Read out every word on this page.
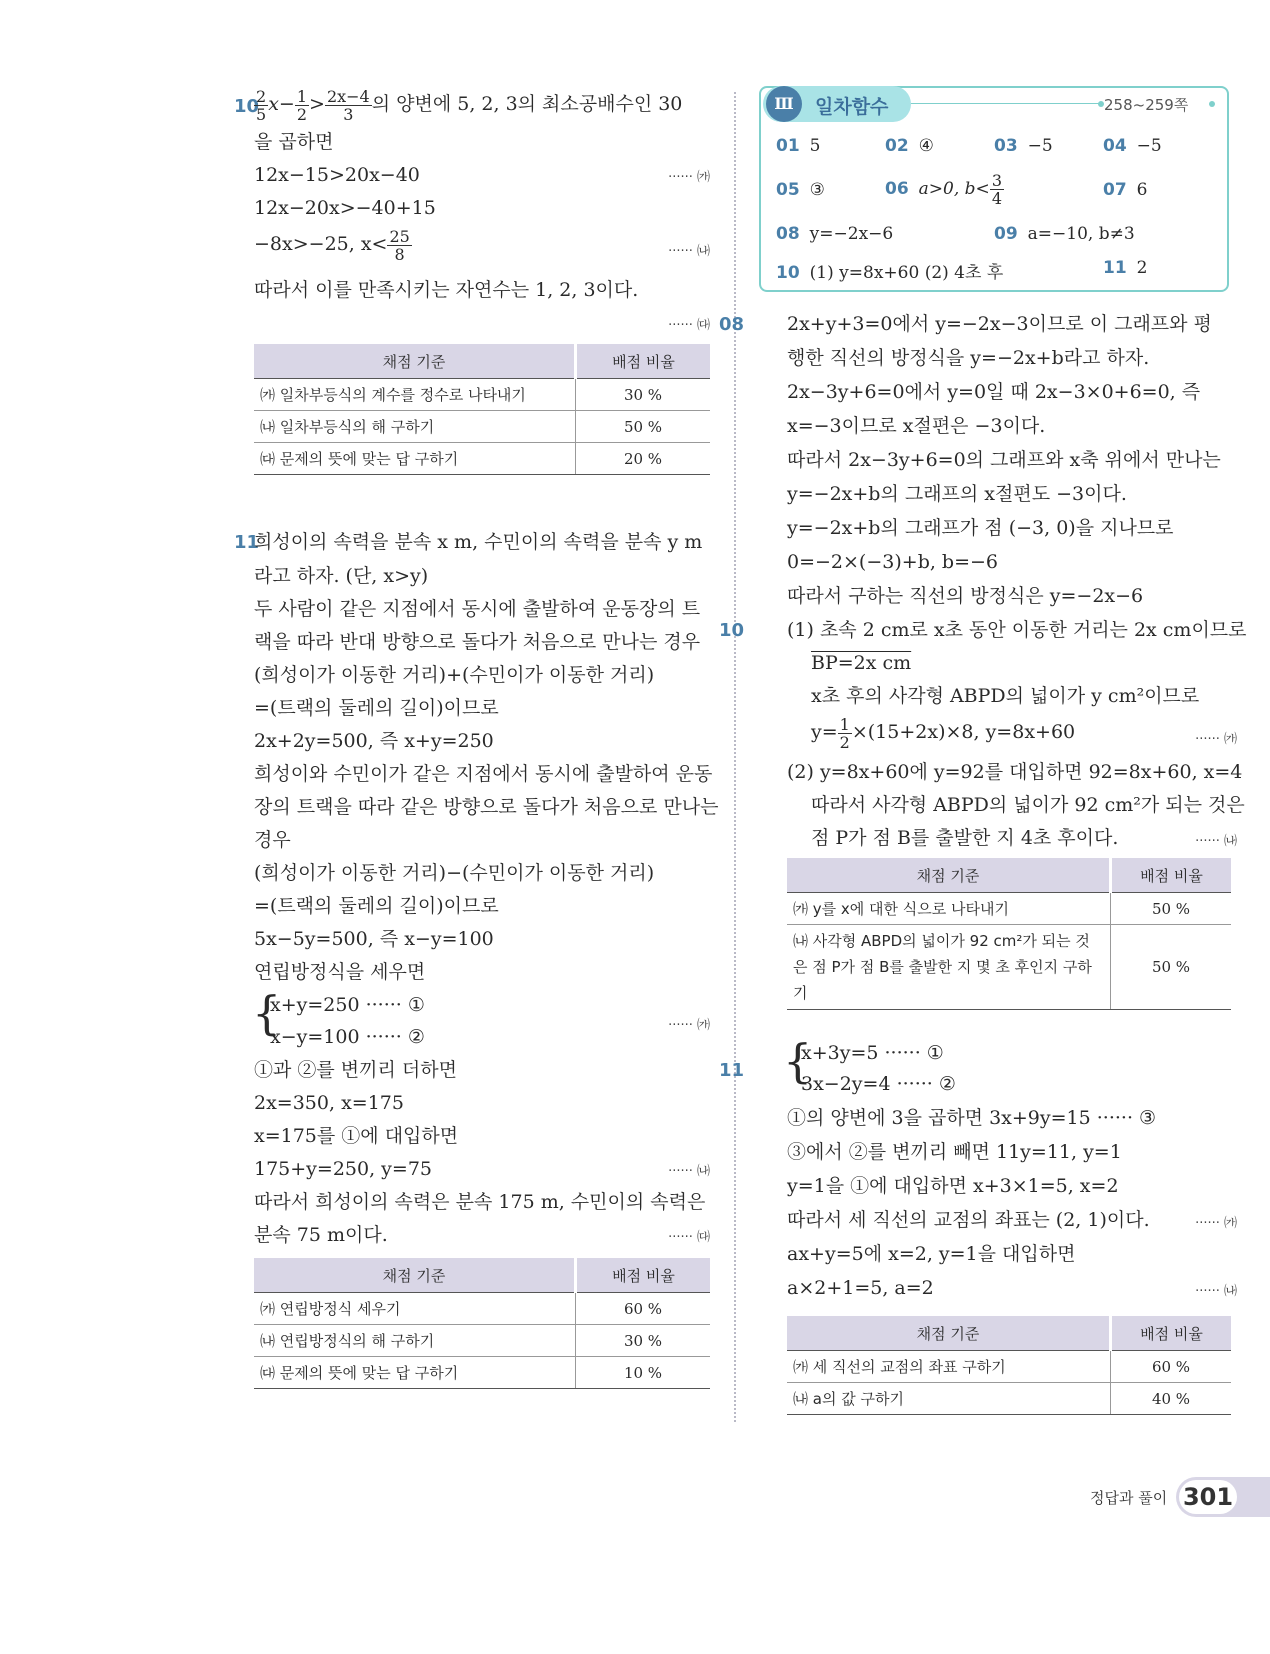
10
$\frac{2}{5} x- \frac{1}{2} > \frac{2x-4}{3}$ 의 양변에 5, 2, 3의 최소공배수인 30
을 곱하면
12x−15>20x−40	······ ㈎
12x−20x>−40+15
−8x>−25, $x< \frac{25}{8}$	······ ㈏
따라서 이를 만족시키는 자연수는 1, 2, 3이다.
······ ㈐
채점 기준	배점 비율
㈎ 일차부등식의 계수를 정수로 나타내기	30 %
㈏ 일차부등식의 해 구하기	50 %
㈐ 문제의 뜻에 맞는 답 구하기	20 %
11
희성이의 속력을 분속 x m, 수민이의 속력을 분속 y m
라고 하자. (단, x>y)
두 사람이 같은 지점에서 동시에 출발하여 운동장의 트
랙을 따라 반대 방향으로 돌다가 처음으로 만나는 경우
(희성이가 이동한 거리)+(수민이가 이동한 거리)
=(트랙의 둘레의 길이)이므로
2x+2y=500, 즉 x+y=250
희성이와 수민이가 같은 지점에서 동시에 출발하여 운동
장의 트랙을 따라 같은 방향으로 돌다가 처음으로 만나는
경우
(희성이가 이동한 거리)−(수민이가 이동한 거리)
=(트랙의 둘레의 길이)이므로
5x−5y=500, 즉 x−y=100
연립방정식을 세우면
{
x+y=250 ······ ①
x−y=100 ······ ②
······ ㈎
①과 ②를 변끼리 더하면
2x=350, x=175
x=175를 ①에 대입하면
175+y=250, y=75	······ ㈏
따라서 희성이의 속력은 분속 175 m, 수민이의 속력은
분속 75 m이다.	······ ㈐
채점 기준	배점 비율
㈎ 연립방정식 세우기	60 %
㈏ 연립방정식의 해 구하기	30 %
㈐ 문제의 뜻에 맞는 답 구하기	10 %
Ⅲ	일차함수	258~259쪽
01 5	02 ④	03 −5	04 −5
05 ③	06 a>0, $b< \frac{3}{4}$	07 6
08 y=−2x−6	09 a=−10, b≠3
10 (1) y=8x+60 (2) 4초 후	11 2
08 2x+y+3=0에서 y=−2x−3이므로 이 그래프와 평
행한 직선의 방정식을 y=−2x+b라고 하자.
2x−3y+6=0에서 y=0일 때 2x−3×0+6=0, 즉
x=−3이므로 x절편은 −3이다.
따라서 2x−3y+6=0의 그래프와 x축 위에서 만나는
y=−2x+b의 그래프의 x절편도 −3이다.
y=−2x+b의 그래프가 점 (−3, 0)을 지나므로
0=−2×(−3)+b, b=−6
따라서 구하는 직선의 방정식은 y=−2x−6
10 (1) 초속 2 cm로 x초 동안 이동한 거리는 2x cm이므로
BP=2x cm
x초 후의 사각형 ABPD의 넓이가 y cm²이므로
$y= \frac{1}{2} \times(15+2x)\times 8$, y=8x+60	······ ㈎
(2) y=8x+60에 y=92를 대입하면 92=8x+60, x=4
따라서 사각형 ABPD의 넓이가 92 cm²가 되는 것은
점 P가 점 B를 출발한 지 4초 후이다.	······ ㈏
채점 기준	배점 비율
㈎ y를 x에 대한 식으로 나타내기	50 %
㈏ 사각형 ABPD의 넓이가 92 cm²가 되는 것은 점 P가 점 B를 출발한 지 몇 초 후인지 구하기	50 %
11 {
x+3y=5 ······ ①
3x−2y=4 ······ ②
①의 양변에 3을 곱하면 3x+9y=15 ······ ③
③에서 ②를 변끼리 빼면 11y=11, y=1
y=1을 ①에 대입하면 x+3×1=5, x=2
따라서 세 직선의 교점의 좌표는 (2, 1)이다.	······ ㈎
ax+y=5에 x=2, y=1을 대입하면
a×2+1=5, a=2	······ ㈏
채점 기준	배점 비율
㈎ 세 직선의 교점의 좌표 구하기	60 %
㈏ a의 값 구하기	40 %
정답과 풀이 301
